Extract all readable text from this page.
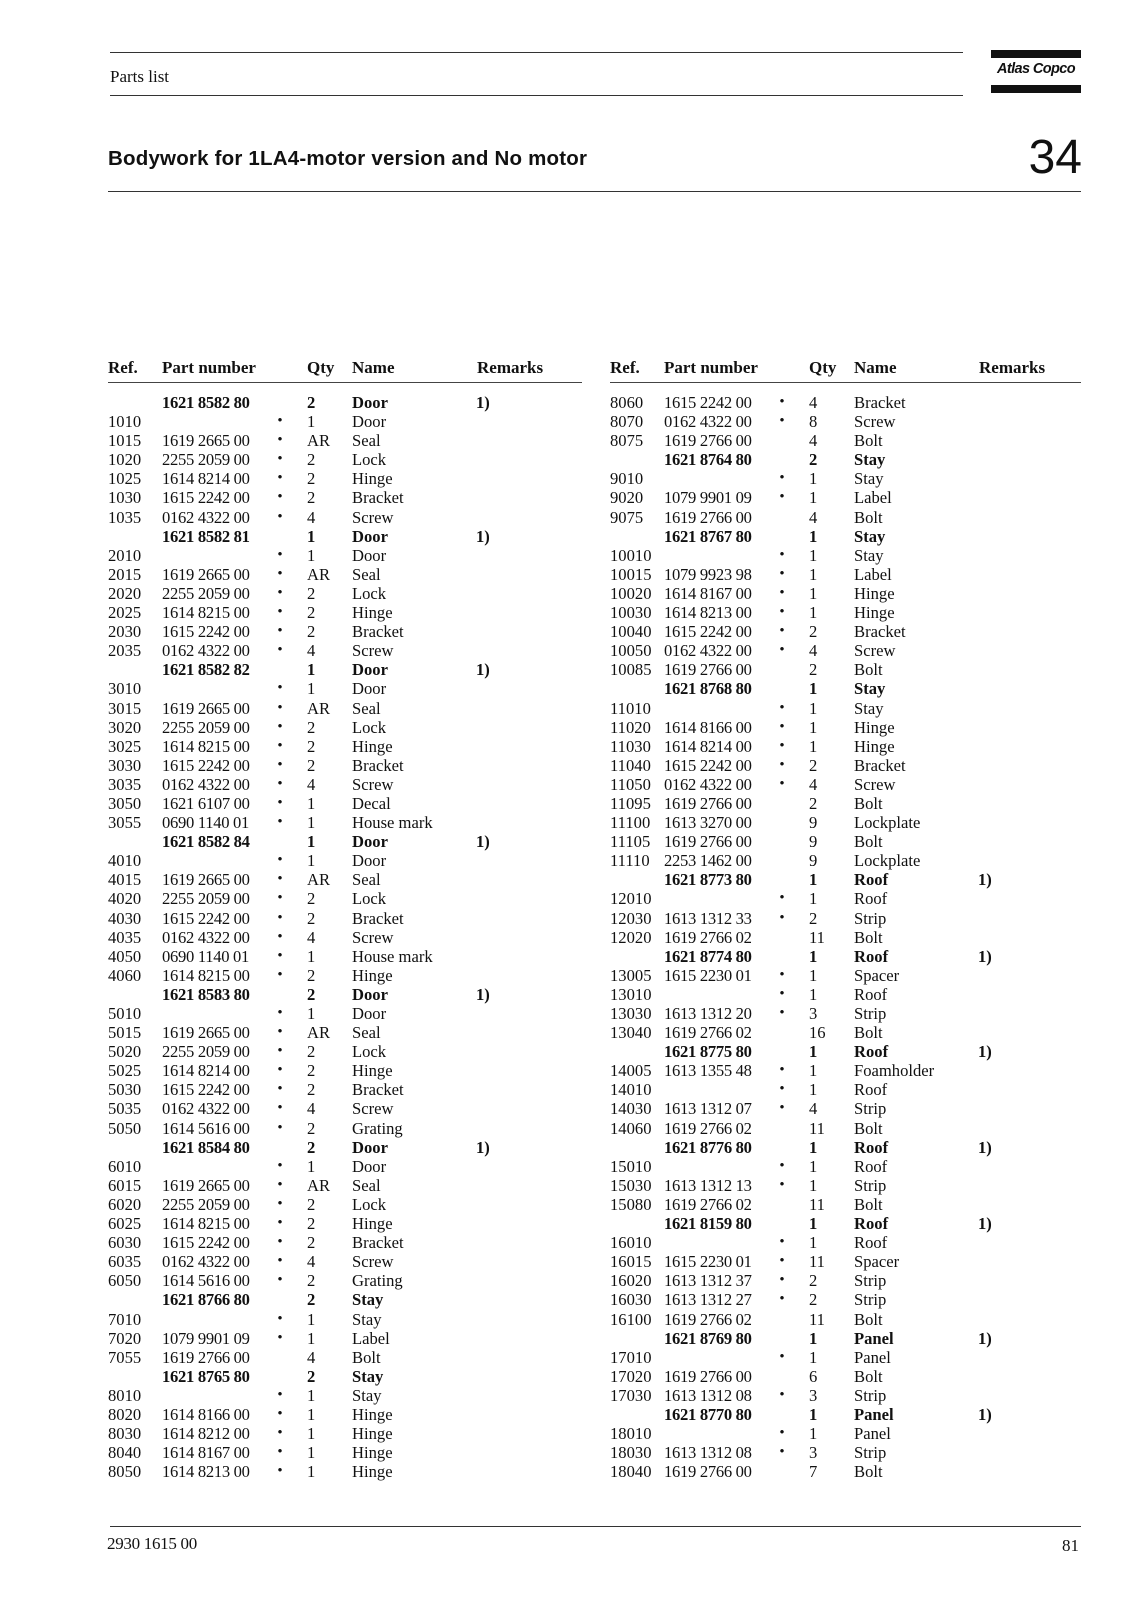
Parts list	Atlas Copco
Bodywork for 1LA4-motor version and No motor	34
Ref. Part number	Qty Name	Remarks
1621 8582 80	2 Door	1)
1010	• 1 Door
1015 1619 2665 00 • AR Seal
1020 2255 2059 00 • 2 Lock
1025 1614 8214 00 • 2 Hinge
1030 1615 2242 00 • 2 Bracket
1035 0162 4322 00 • 4 Screw
1621 8582 81	1 Door	1)
2010	• 1 Door
2015 1619 2665 00 • AR Seal
2020 2255 2059 00 • 2 Lock
2025 1614 8215 00 • 2 Hinge
2030 1615 2242 00 • 2 Bracket
2035 0162 4322 00 • 4 Screw
1621 8582 82	1 Door	1)
3010	• 1 Door
3015 1619 2665 00 • AR Seal
3020 2255 2059 00 • 2 Lock
3025 1614 8215 00 • 2 Hinge
3030 1615 2242 00 • 2 Bracket
3035 0162 4322 00 • 4 Screw
3050 1621 6107 00 • 1 Decal
3055 0690 1140 01 • 1 House mark
1621 8582 84	1 Door	1)
4010	• 1 Door
4015 1619 2665 00 • AR Seal
4020 2255 2059 00 • 2 Lock
4030 1615 2242 00 • 2 Bracket
4035 0162 4322 00 • 4 Screw
4050 0690 1140 01 • 1 House mark
4060 1614 8215 00 • 2 Hinge
1621 8583 80	2 Door	1)
5010	• 1 Door
5015 1619 2665 00 • AR Seal
5020 2255 2059 00 • 2 Lock
5025 1614 8214 00 • 2 Hinge
5030 1615 2242 00 • 2 Bracket
5035 0162 4322 00 • 4 Screw
5050 1614 5616 00 • 2 Grating
1621 8584 80	2 Door	1)
6010	• 1 Door
6015 1619 2665 00 • AR Seal
6020 2255 2059 00 • 2 Lock
6025 1614 8215 00 • 2 Hinge
6030 1615 2242 00 • 2 Bracket
6035 0162 4322 00 • 4 Screw
6050 1614 5616 00 • 2 Grating
1621 8766 80	2 Stay
7010	• 1 Stay
7020 1079 9901 09 • 1 Label
7055 1619 2766 00	4 Bolt
1621 8765 80	2 Stay
8010	• 1 Stay
8020 1614 8166 00 • 1 Hinge
8030 1614 8212 00 • 1 Hinge
8040 1614 8167 00 • 1 Hinge
8050 1614 8213 00 • 1 Hinge
Ref. Part number	Qty Name	Remarks
8060 1615 2242 00 • 4 Bracket
8070 0162 4322 00 • 8 Screw
8075 1619 2766 00	4 Bolt
1621 8764 80	2 Stay
9010	• 1 Stay
9020 1079 9901 09 • 1 Label
9075 1619 2766 00	4 Bolt
1621 8767 80	1 Stay
10010	• 1 Stay
10015 1079 9923 98 • 1 Label
10020 1614 8167 00 • 1 Hinge
10030 1614 8213 00 • 1 Hinge
10040 1615 2242 00 • 2 Bracket
10050 0162 4322 00 • 4 Screw
10085 1619 2766 00	2 Bolt
1621 8768 80	1 Stay
11010	• 1 Stay
11020 1614 8166 00 • 1 Hinge
11030 1614 8214 00 • 1 Hinge
11040 1615 2242 00 • 2 Bracket
11050 0162 4322 00 • 4 Screw
11095 1619 2766 00	2 Bolt
11100 1613 3270 00	9 Lockplate
11105 1619 2766 00	9 Bolt
11110 2253 1462 00	9 Lockplate
1621 8773 80	1 Roof	1)
12010	• 1 Roof
12030 1613 1312 33 • 2 Strip
12020 1619 2766 02	11 Bolt
1621 8774 80	1 Roof	1)
13005 1615 2230 01 • 1 Spacer
13010	• 1 Roof
13030 1613 1312 20 • 3 Strip
13040 1619 2766 02	16 Bolt
1621 8775 80	1 Roof	1)
14005 1613 1355 48 • 1 Foamholder
14010	• 1 Roof
14030 1613 1312 07 • 4 Strip
14060 1619 2766 02	11 Bolt
1621 8776 80	1 Roof	1)
15010	• 1 Roof
15030 1613 1312 13 • 1 Strip
15080 1619 2766 02	11 Bolt
1621 8159 80	1 Roof	1)
16010	• 1 Roof
16015 1615 2230 01 • 11 Spacer
16020 1613 1312 37 • 2 Strip
16030 1613 1312 27 • 2 Strip
16100 1619 2766 02	11 Bolt
1621 8769 80	1 Panel	1)
17010	• 1 Panel
17020 1619 2766 00	6 Bolt
17030 1613 1312 08 • 3 Strip
1621 8770 80	1 Panel	1)
18010	• 1 Panel
18030 1613 1312 08 • 3 Strip
18040 1619 2766 00	7 Bolt
2930 1615 00	81
